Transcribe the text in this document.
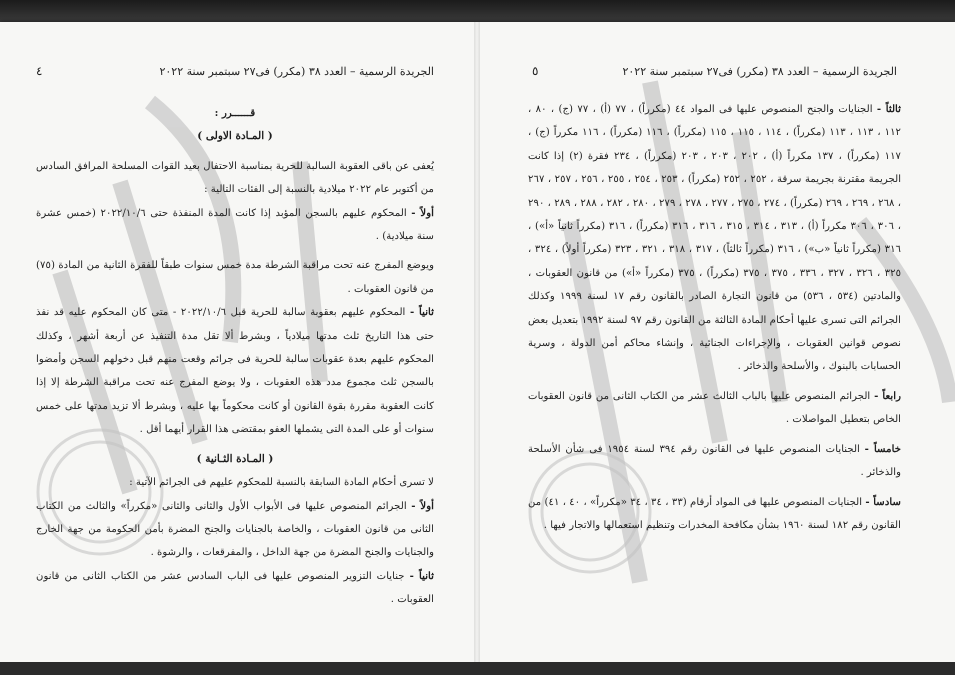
الجريدة الرسمية – العدد ٣٨ (مكرر) فى٢٧ سبتمبر سنة ٢٠٢٢
٤

قــــــرر :

( المـادة الاولى )

يُعفى عن باقى العقوبة السالبة للحرية بمناسبة الاحتفال بعيد القوات المسلحة المرافق السادس من أكتوبر عام ٢٠٢٢ ميلادية بالنسبة إلى الفئات التالية :

أولاً - المحكوم عليهم بالسجن المؤبد إذا كانت المدة المنفذة حتى ٢٠٢٢/١٠/٦ (خمس عشرة سنة ميلادية) .

ويوضع المفرج عنه تحت مراقبة الشرطة مدة خمس سنوات طبقاً للفقرة الثانية من المادة (٧٥) من قانون العقوبات .

ثانياً - المحكوم عليهم بعقوبة سالبة للحرية قبل ٢٠٢٢/١٠/٦ - متى كان المحكوم عليه قد نفذ حتى هذا التاريخ ثلث مدتها ميلادياً ، وبشرط ألا تقل مدة التنفيذ عن أربعة أشهر ، وكذلك المحكوم عليهم بعدة عقوبات سالبة للحرية فى جرائم وقعت منهم قبل دخولهم السجن وأمضوا بالسجن ثلث مجموع مدد هذه العقوبات ، ولا يوضع المفرج عنه تحت مراقبة الشرطة إلا إذا كانت العقوبة مقررة بقوة القانون أو كانت محكوماً بها عليه ، وبشرط ألا تزيد مدتها على خمس سنوات أو على المدة التى يشملها العفو بمقتضى هذا القرار أيهما أقل .

( المـادة الثـانية )

لا تسرى أحكام المادة السابقة بالنسبة للمحكوم عليهم فى الجرائم الآتية :

أولاً - الجرائم المنصوص عليها فى الأبواب الأول والثانى والثانى «مكرراً» والثالث من الكتاب الثانى من قانون العقوبات ، والخاصة بالجنايات والجنح المضرة بأمن الحكومة من جهة الخارج والجنايات والجنح المضرة من جهة الداخل ، والمفرقعات ، والرشوة .

ثانياً - جنايات التزوير المنصوص عليها فى الباب السادس عشر من الكتاب الثانى من قانون العقوبات .

الجريدة الرسمية – العدد ٣٨ (مكرر) فى٢٧ سبتمبر سنة ٢٠٢٢
٥

ثالثاً - الجنايات والجنح المنصوص عليها فى المواد ٤٤ (مكرراً) ، ٧٧ (أ) ، ٧٧ (ج) ، ٨٠ ، ١١٢ ، ١١٣ ، ١١٣ (مكرراً) ، ١١٤ ، ١١٥ ، ١١٥ (مكرراً) ، ١١٦ (مكرراً) ، ١١٦ مكرراً (ج) ، ١١٧ (مكرراً) ، ١٣٧ مكرراً (أ) ، ٢٠٢ ، ٢٠٣ ، ٢٠٣ (مكرراً) ، ٢٣٤ فقرة (٢) إذا كانت الجريمة مقترنة بجريمة سرقة ، ٢٥٢ ، ٢٥٢ (مكرراً) ، ٢٥٣ ، ٢٥٤ ، ٢٥٥ ، ٢٥٦ ، ٢٥٧ ، ٢٦٧ ، ٢٦٨ ، ٢٦٩ ، ٢٦٩ (مكرراً) ، ٢٧٤ ، ٢٧٥ ، ٢٧٧ ، ٢٧٨ ، ٢٧٩ ، ٢٨٠ ، ٢٨٢ ، ٢٨٨ ، ٢٨٩ ، ٢٩٠ ، ٣٠٦ ، ٣٠٦ مكرراً (أ) ، ٣١٣ ، ٣١٤ ، ٣١٥ ، ٣١٦ ، ٣١٦ (مكرراً) ، ٣١٦ (مكرراً ثانياً «أ») ، ٣١٦ (مكرراً ثانياً «ب») ، ٣١٦ (مكرراً ثالثاً) ، ٣١٧ ، ٣١٨ ، ٣٢١ ، ٣٢٣ (مكرراً أولاً) ، ٣٢٤ ، ٣٢٥ ، ٣٢٦ ، ٣٢٧ ، ٣٣٦ ، ٣٧٥ ، ٣٧٥ (مكرراً) ، ٣٧٥ (مكرراً «أ») من قانون العقوبات ، والمادتين (٥٣٤ ، ٥٣٦) من قانون التجارة الصادر بالقانون رقم ١٧ لسنة ١٩٩٩ وكذلك الجرائم التى تسرى عليها أحكام المادة الثالثة من القانون رقم ٩٧ لسنة ١٩٩٢ بتعديل بعض نصوص قوانين العقوبات ، والإجراءات الجنائية ، وإنشاء محاكم أمن الدولة ، وسرية الحسابات بالبنوك ، والأسلحة والذخائر .

رابعاً - الجرائم المنصوص عليها بالباب الثالث عشر من الكتاب الثانى من قانون العقوبات الخاص بتعطيل المواصلات .

خامساً - الجنايات المنصوص عليها فى القانون رقم ٣٩٤ لسنة ١٩٥٤ فى شأن الأسلحة والذخائر .

سادساً - الجنايات المنصوص عليها فى المواد أرقام (٣٣ ، ٣٤ ، ٣٤ «مكرراً» ، ٤٠ ، ٤١) من القانون رقم ١٨٢ لسنة ١٩٦٠ بشأن مكافحة المخدرات وتنظيم استعمالها والاتجار فيها .
